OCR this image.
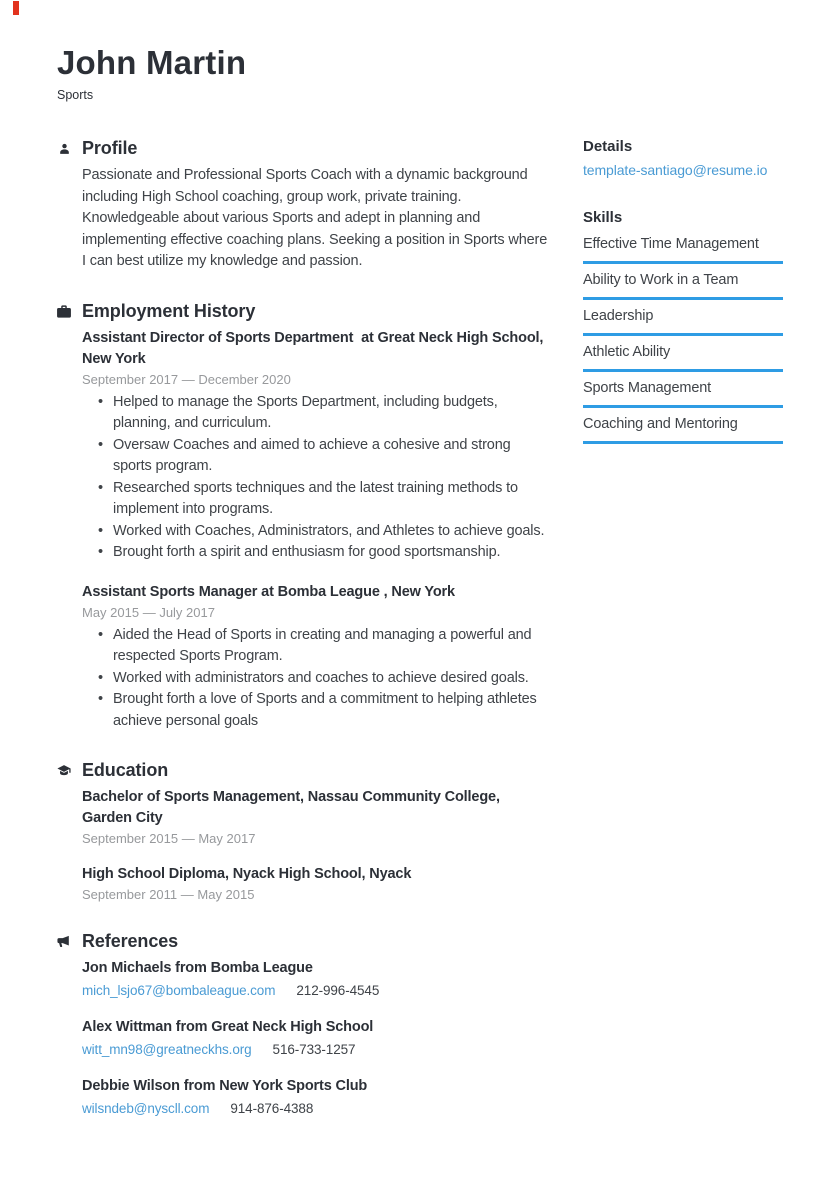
John Martin
Sports
Profile
Passionate and Professional Sports Coach with a dynamic background including High School coaching, group work, private training. Knowledgeable about various Sports and adept in planning and implementing effective coaching plans. Seeking a position in Sports where I can best utilize my knowledge and passion.
Employment History
Assistant Director of Sports Department  at Great Neck High School, New York
September 2017 — December 2020
• Helped to manage the Sports Department, including budgets, planning, and curriculum.
• Oversaw Coaches and aimed to achieve a cohesive and strong sports program.
• Researched sports techniques and the latest training methods to implement into programs.
• Worked with Coaches, Administrators, and Athletes to achieve goals.
• Brought forth a spirit and enthusiasm for good sportsmanship.
Assistant Sports Manager at Bomba League , New York
May 2015 — July 2017
• Aided the Head of Sports in creating and managing a powerful and respected Sports Program.
• Worked with administrators and coaches to achieve desired goals.
• Brought forth a love of Sports and a commitment to helping athletes achieve personal goals
Education
Bachelor of Sports Management, Nassau Community College, Garden City
September 2015 — May 2017
High School Diploma, Nyack High School, Nyack
September 2011 — May 2015
References
Jon Michaels from Bomba League
mich_lsjo67@bombaleague.com 212-996-4545
Alex Wittman from Great Neck High School
witt_mn98@greatneckhs.org 516-733-1257
Debbie Wilson from New York Sports Club
wilsndeb@nyscll.com 914-876-4388
Details
template-santiago@resume.io
Skills
Effective Time Management
Ability to Work in a Team
Leadership
Athletic Ability
Sports Management
Coaching and Mentoring
